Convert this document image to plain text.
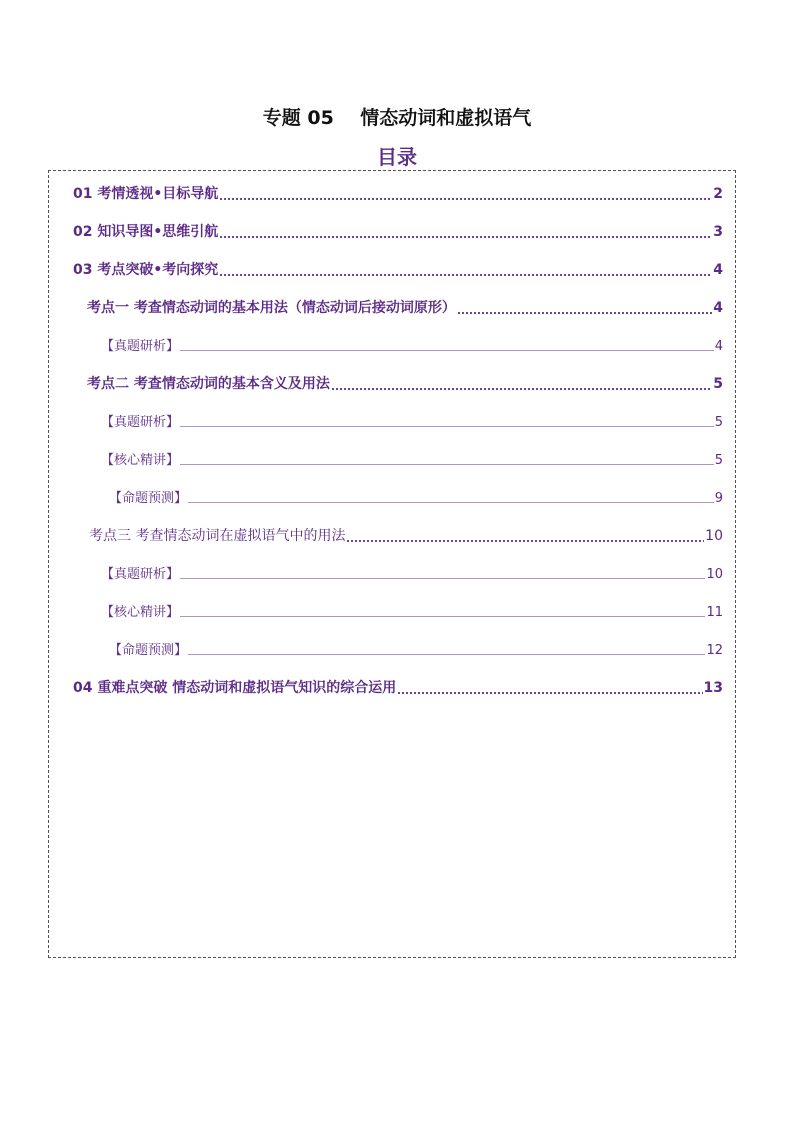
专题 05    情态动词和虚拟语气
目录
01 考情透视•目标导航	2
02 知识导图•思维引航	3
03 考点突破•考向探究	4
考点一 考查情态动词的基本用法（情态动词后接动词原形）	4
【真题研析】	4
考点二 考查情态动词的基本含义及用法	5
【真题研析】	5
【核心精讲】	5
【命题预测】	9
考点三 考查情态动词在虚拟语气中的用法	10
【真题研析】	10
【核心精讲】	11
【命题预测】	12
04 重难点突破 情态动词和虚拟语气知识的综合运用	13
